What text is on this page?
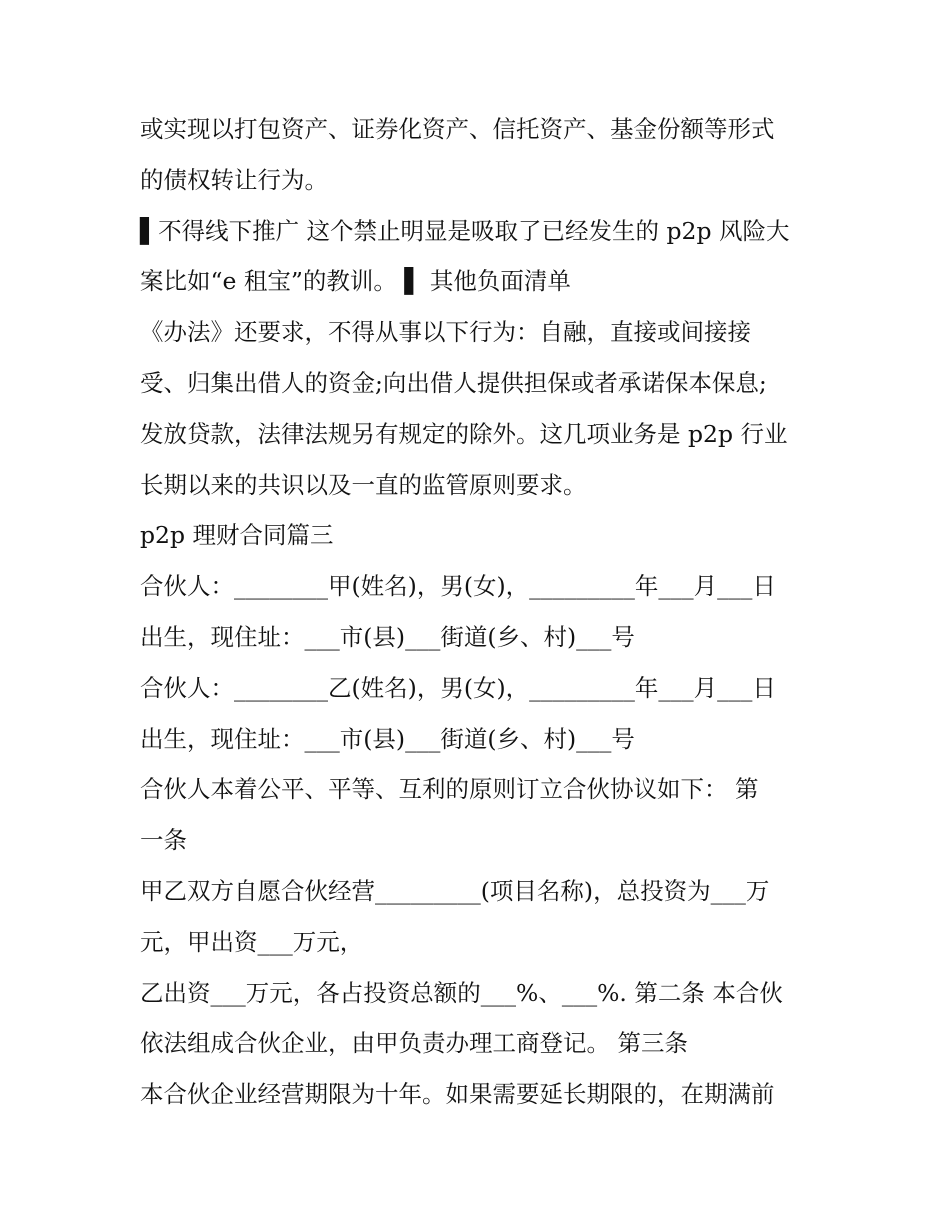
或实现以打包资产、证券化资产、信托资产、基金份额等形式
的债权转让行为。
▌不得线下推广 这个禁止明显是吸取了已经发生的 p2p 风险大
案比如“e 租宝”的教训。 ▌ 其他负面清单
《办法》还要求，不得从事以下行为：自融，直接或间接接
受、归集出借人的资金;向出借人提供担保或者承诺保本保息;
发放贷款，法律法规另有规定的除外。这几项业务是 p2p 行业
长期以来的共识以及一直的监管原则要求。
p2p 理财合同篇三
合伙人：________甲(姓名)，男(女)，_________年___月___日
出生，现住址：___市(县)___街道(乡、村)___号
合伙人：________乙(姓名)，男(女)，_________年___月___日
出生，现住址：___市(县)___街道(乡、村)___号
合伙人本着公平、平等、互利的原则订立合伙协议如下： 第
一条
甲乙双方自愿合伙经营_________(项目名称)，总投资为___万
元，甲出资___万元，
乙出资___万元，各占投资总额的___%、___%. 第二条 本合伙
依法组成合伙企业，由甲负责办理工商登记。 第三条
本合伙企业经营期限为十年。如果需要延长期限的，在期满前
